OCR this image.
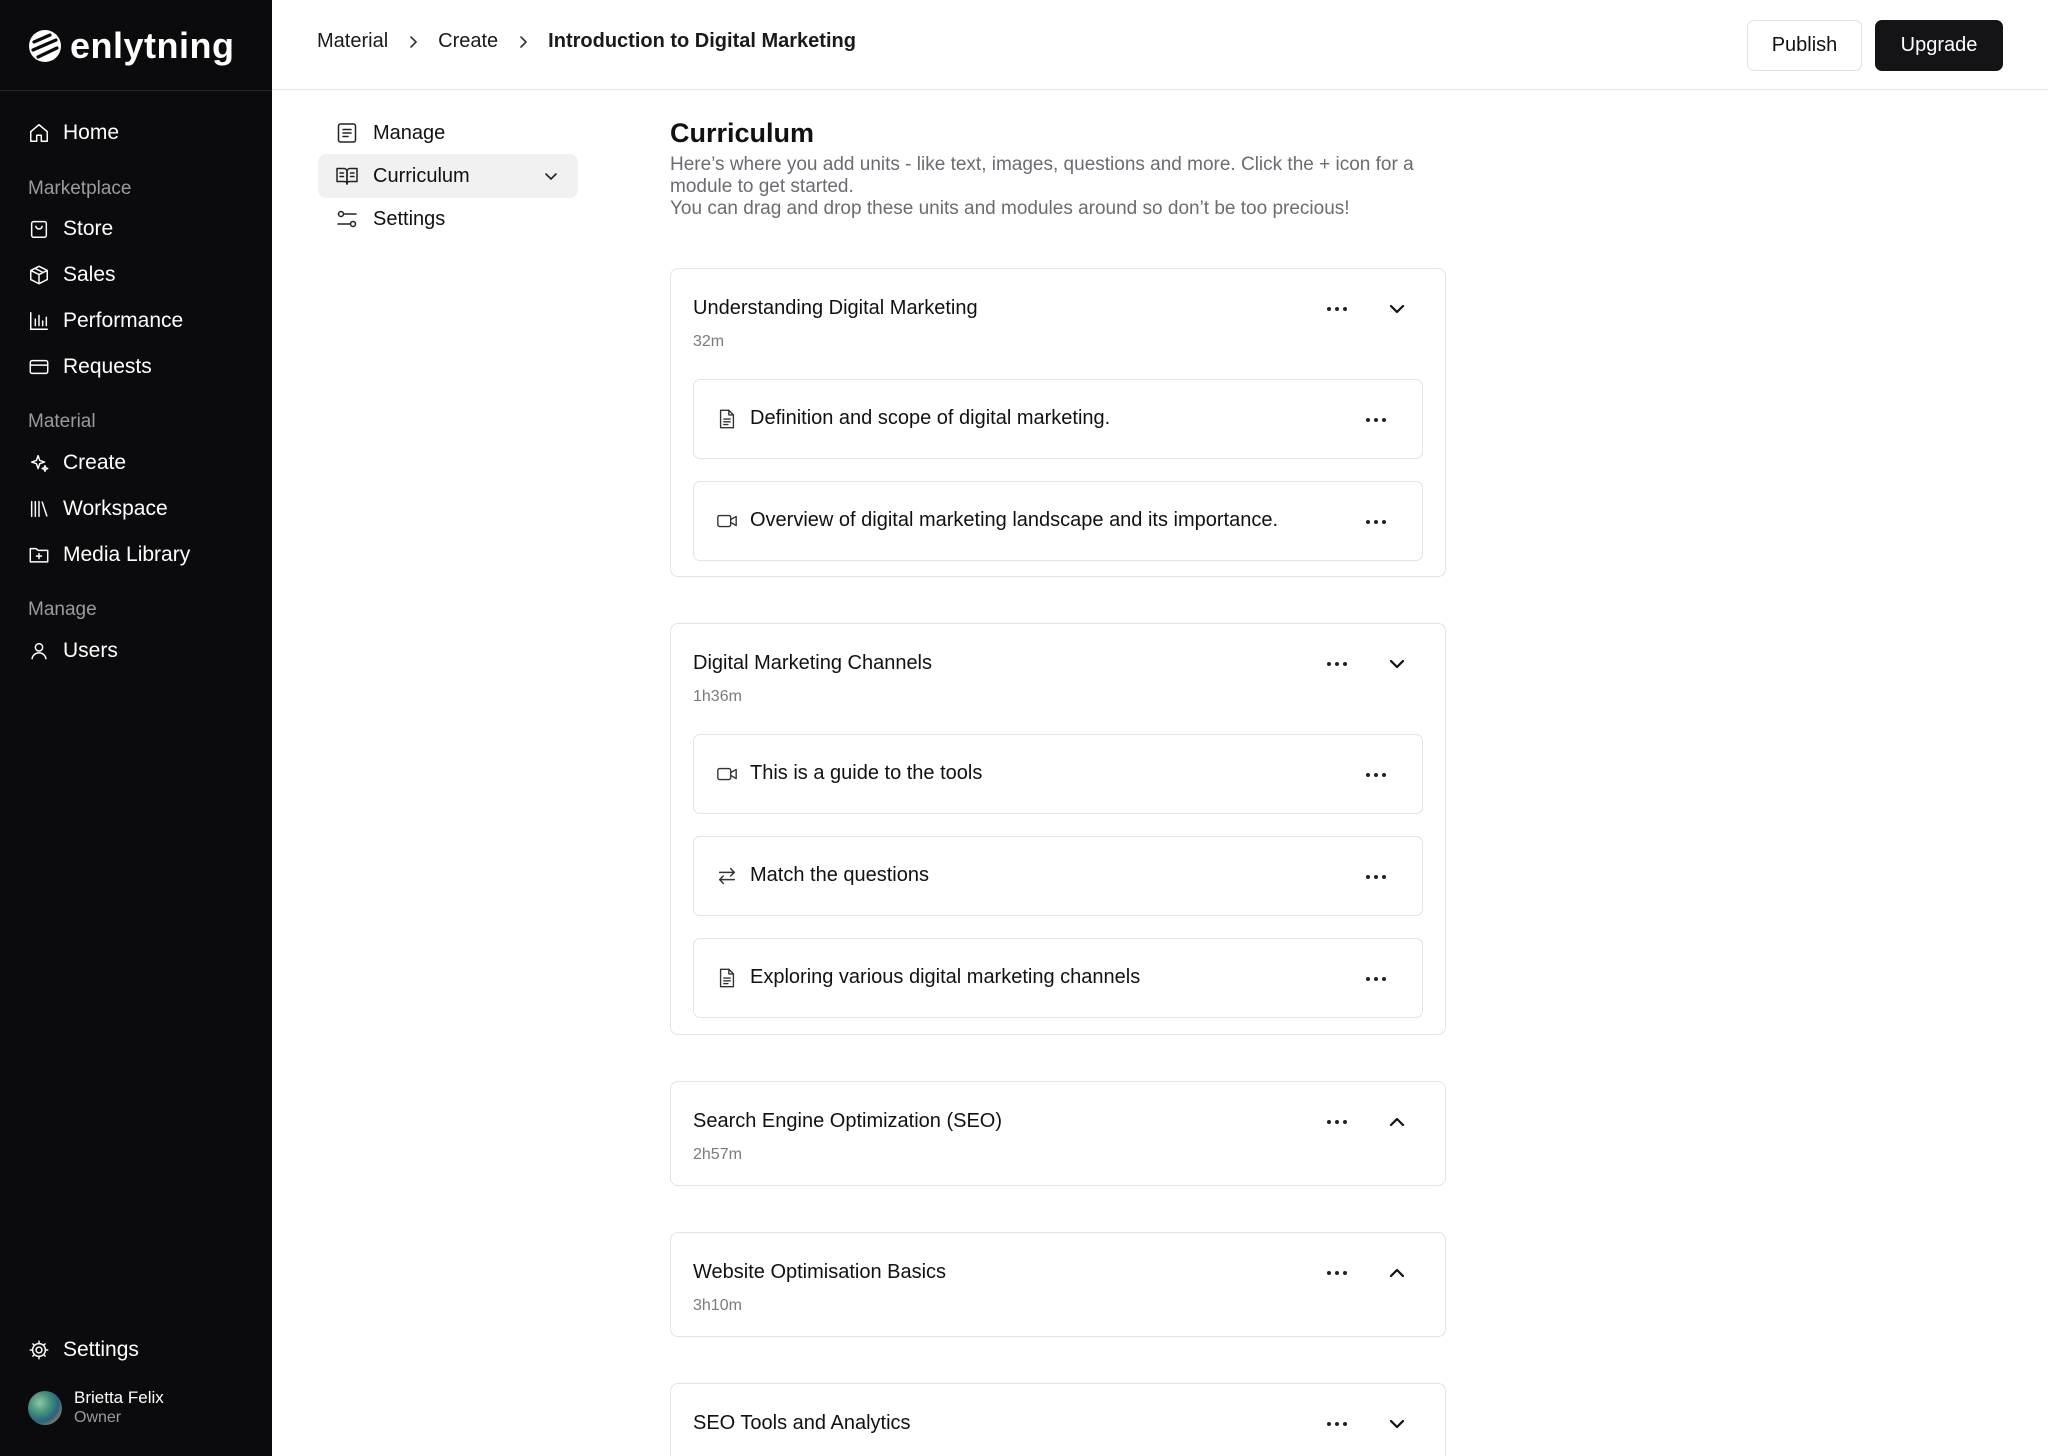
enlytning
Home
Marketplace
Store
Sales
Performance
Requests
Material
Create
Workspace
Media Library
Manage
Users
Settings
Brietta Felix
Owner
Material	Create	Introduction to Digital Marketing	Publish	Upgrade
Manage
Curriculum
Settings
Curriculum
Here’s where you add units - like text, images, questions and more. Click the + icon for a module to get started.
You can drag and drop these units and modules around so don’t be too precious!
Understanding Digital Marketing
32m
Definition and scope of digital marketing.
Overview of digital marketing landscape and its importance.
Digital Marketing Channels
1h36m
This is a guide to the tools
Match the questions
Exploring various digital marketing channels
Search Engine Optimization (SEO)
2h57m
Website Optimisation Basics
3h10m
SEO Tools and Analytics
